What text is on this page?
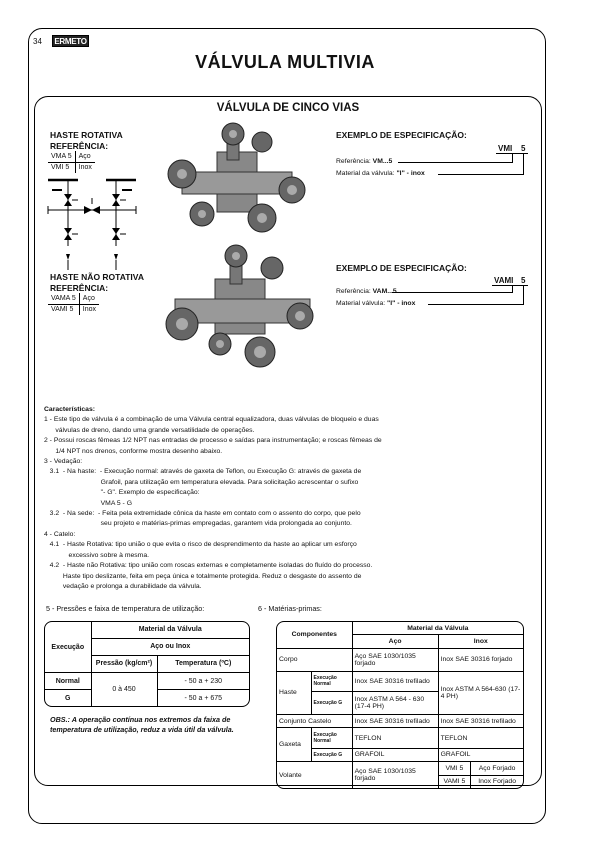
34 ERMETO
VÁLVULA MULTIVIA
VÁLVULA DE CINCO VIAS
HASTE ROTATIVA
REFERÊNCIA:
VMA 5	Aço
VMI 5	Inox
EXEMPLO DE ESPECIFICAÇÃO:
VMI 5
Referência: VM...5
Material da válvula: "I" - inox
HASTE NÃO ROTATIVA
REFERÊNCIA:
VAMA 5	Aço
VAMI 5	Inox
EXEMPLO DE ESPECIFICAÇÃO:
VAMI 5
Referência: VAM...5
Material válvula: "I" - inox

Características:

1 - Este tipo de válvula é a combinação de uma Válvula central equalizadora, duas válvulas de bloqueio e duas

válvulas de dreno, dando uma grande versatilidade de operações.

2 - Possui roscas fêmeas 1/2 NPT nas entradas de processo e saídas para instrumentação; e roscas fêmeas de

1/4 NPT nos drenos, conforme mostra desenho abaixo.

3 - Vedação:

3.1  - Na haste:  - Execução normal: através de gaxeta de Teflon, ou Execução G: através de gaxeta de

Grafoil, para utilização em temperatura elevada. Para solicitação acrescentar o sufixo

"- G". Exemplo de especificação:

VMA 5 - G

3.2  - Na sede:  - Feita pela extremidade cônica da haste em contato com o assento do corpo, que pelo

seu projeto e matérias-primas empregadas, garantem vida prolongada ao conjunto.

4 - Catelo:

4.1  - Haste Rotativa: tipo união o que evita o risco de desprendimento da haste ao aplicar um esforço

excessivo sobre à mesma.

4.2  - Haste não Rotativa: tipo união com roscas externas e completamente isoladas do fluído do processo.

Haste tipo deslizante, feita em peça única e totalmente protegida. Reduz o desgaste do assento de

vedação e prolonga a durabilidade da válvula.

5 - Pressões e faixa de temperatura de utilização:
Execução	Material da Válvula	
	Aço ou Inox	
	Pressão (kg/cm²)	Temperatura (ºC)
Normal	0 à 450	- 50 a + 230
G		- 50 a + 675
OBS.: A operação contínua nos extremos da faixa de temperatura de utilização, reduz a vida útil da válvula.
6 - Matérias-primas:
Componentes	Material da Válvula
Aço	Inox
Corpo	Aço SAE 1030/1035 forjado	Inox SAE 30316 forjado
Haste	Execução Normal	Inox SAE 30316 trefilado	Inox ASTM A 564-630 (17-4 PH)
Execução G	Inox ASTM A 564 - 630 (17-4 PH)
Conjunto Castelo	Inox SAE 30316 trefilado	Inox SAE 30316 trefilado
Gaxeta	Execução Normal	TEFLON	TEFLON
Execução G	GRAFOIL	GRAFOIL
Volante	Aço SAE 1030/1035 forjado	
VMI 5	Aço Forjado
VAMI 5	Inox Forjado
